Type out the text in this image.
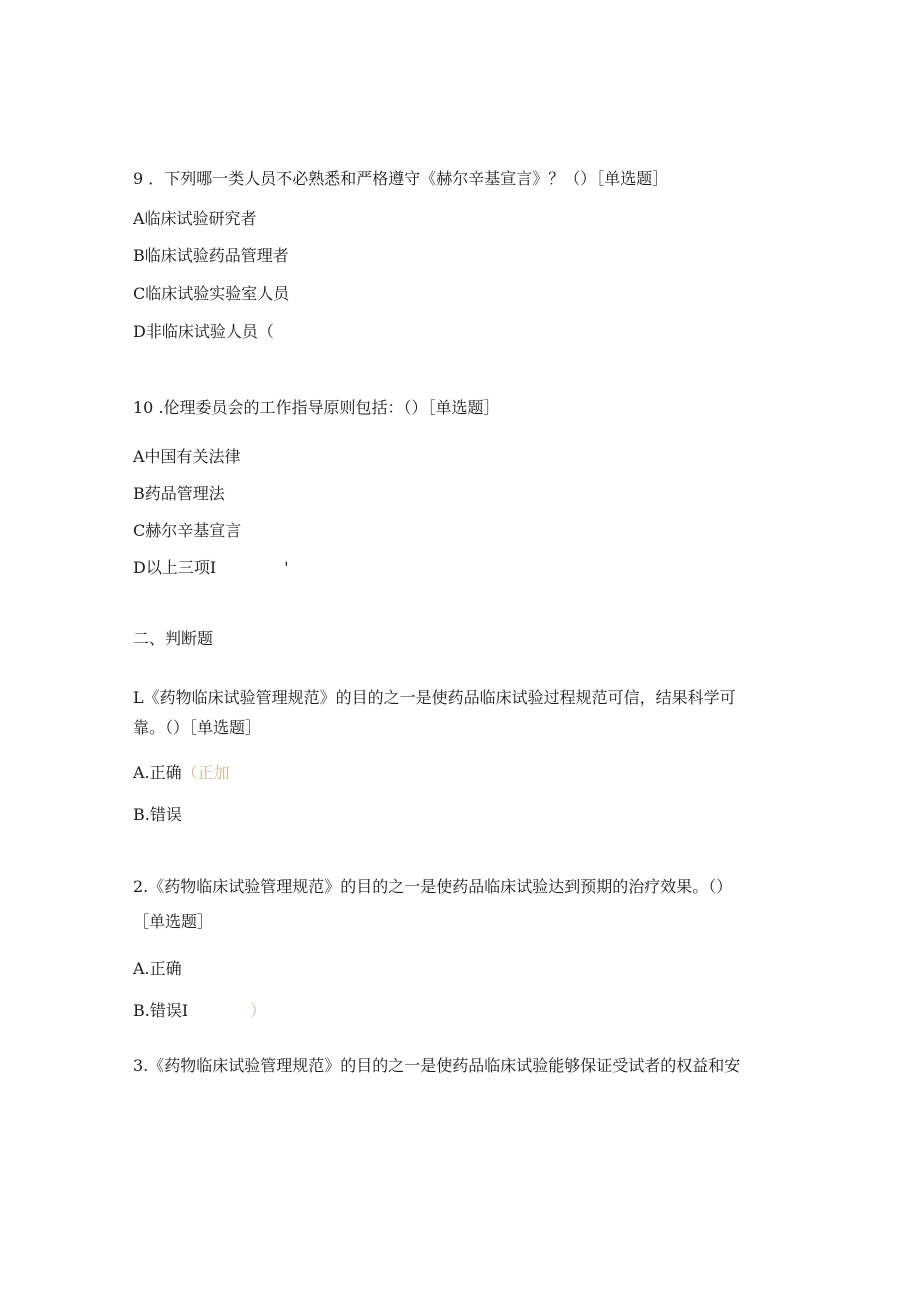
9 ．下列哪一类人员不必熟悉和严格遵守《赫尔辛基宣言》？（）［单选题］
A临床试验研究者
B临床试验药品管理者
C临床试验实验室人员
D非临床试验人员（
10 .伦理委员会的工作指导原则包括：（）［单选题］
A中国有关法律
B药品管理法
C赫尔辛基宣言
D以上三项I	'
二、判断题
L《药物临床试验管理规范》的目的之一是使药品临床试验过程规范可信，结果科学可
靠。（）［单选题］
A.正确（正加
B.错误
2.《药物临床试验管理规范》的目的之一是使药品临床试验达到预期的治疗效果。（）
［单选题］
A.正确
B.错误I	）
3.《药物临床试验管理规范》的目的之一是使药品临床试验能够保证受试者的权益和安
